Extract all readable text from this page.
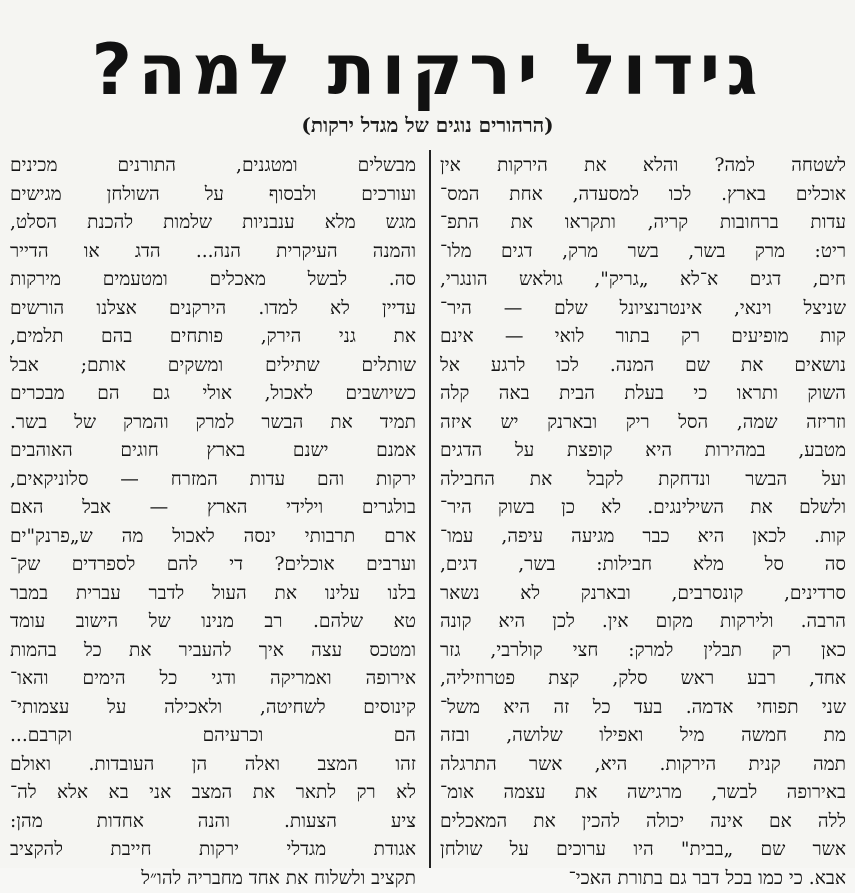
גידול ירקות למה?
(הרהורים נוגים של מגדל ירקות)
לשטחה למה? והלא את הירקות אין
אוכלים בארץ. לכו למסעדה, אחת המס־
עדות ברחובות קריה, ותקראו את התפ־
ריט: מרק בשר, בשר מרק, דגים מלו־
חים, דגים א־לא „גריק", גולאש הונגרי,
שניצל וינאי, אינטרנציונל שלם — היר־
קות מופיעים רק בתור לואי — אינם
נושאים את שם המנה. לכו לרגע אל
השוק ותראו כי בעלת הבית באה קלה
וזריזה שמה, הסל ריק ובארנק יש איזה
מטבע, במהירות היא קופצת על הדגים
ועל הבשר ונדחקת לקבל את החבילה
ולשלם את השילינגים. לא כן בשוק היר־
קות. לכאן היא כבר מגיעה עיפה, עמו־
סה סל מלא חבילות: בשר, דגים,
סרדינים, קונסרבים, ובארנק לא נשאר
הרבה. ולירקות מקום אין. לכן היא קונה
כאן רק תבלין למרק: חצי קולרבי, גזר
אחד, רבע ראש סלק, קצת פטרוזיליה,
שני תפוחי אדמה. בעד כל זה היא משל־
מת חמשה מיל ואפילו שלושה, ובזה
תמה קנית הירקות. היא, אשר התרגלה
באירופה לבשר, מרגישה את עצמה אומ־
ללה אם אינה יכולה להכין את המאכלים
אשר שם „בבית" היו ערוכים על שולחן
אבא. כי כמו בכל דבר גם בתורת האכי־
מבשלים ומטגנים, התורנים מכינים
ועורכים ולבסוף על השולחן מגישים
מגש מלא ענבניות שלמות להכנת הסלט,
והמנה העיקרית הנה... הדג או הדייר
סה. לבשל מאכלים ומטעמים מירקות
עדיין לא למדו. הירקנים אצלנו הורשים
את גני הירק, פותחים בהם תלמים,
שותלים שתילים ומשקים אותם; אבל
כשיושבים לאכול, אולי גם הם מבכרים
תמיד את הבשר למרק והמרק של בשר.
אמנם ישנם בארץ חוגים האוהבים
ירקות והם עדות המזרח — סלוניקאים,
בולגרים וילידי הארץ — אבל האם
ארם תרבותי ינסה לאכול מה ש„פרנק"ים
וערבים אוכלים? די להם לספרדים שק־
בלנו עלינו את העול לדבר עברית במבר
טא שלהם. רב מנינו של הישוב עומד
ומטכס עצה איך להעביר את כל בהמות
אירופה ואמריקה ודגי כל הימים והאו־
קינוסים לשחיטה, ולאכילה על עצמותי־
הם וכרעיהם וקרבם...
זהו המצב ואלה הן העובדות. ואולם
לא רק לתאר את המצב אני בא אלא לה־
ציע הצעות. והנה אחדות מהן:
אגודת מגדלי ירקות חייבת להקציב
תקציב ולשלוח את אחד מחבריה להו״ל
